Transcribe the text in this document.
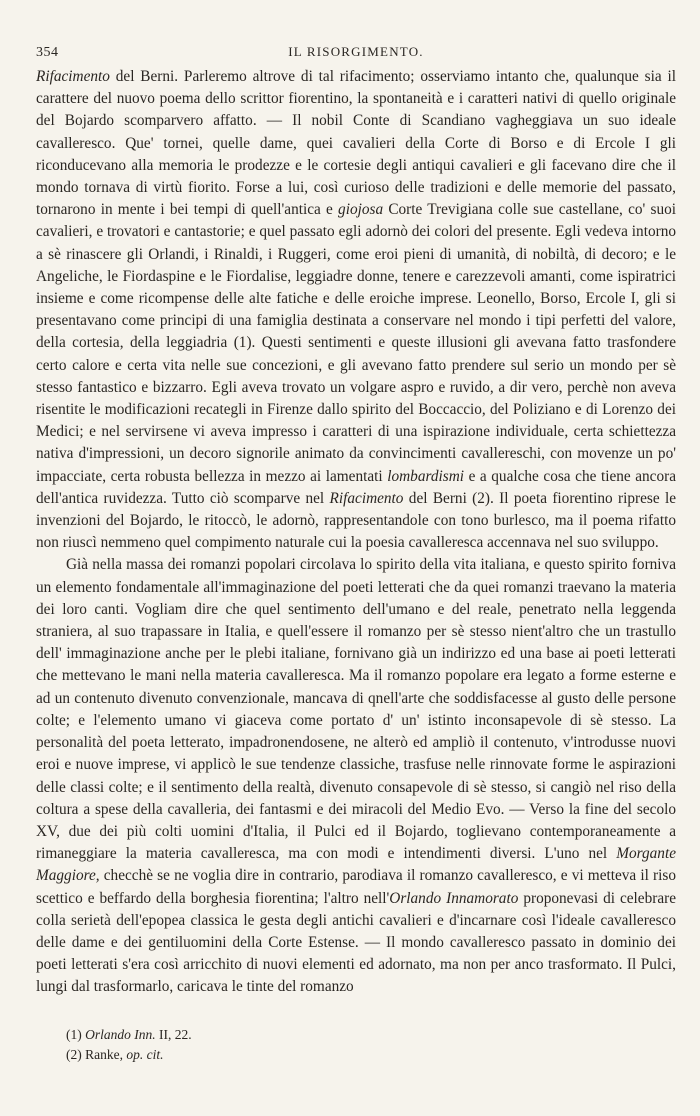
354	IL RISORGIMENTO.

Rifacimento del Berni. Parleremo altrove di tal rifacimento; osserviamo intanto che, qualunque sia il carattere del nuovo poema dello scrittor fiorentino, la spontaneità e i caratteri nativi di quello originale del Bojardo scomparvero affatto. — Il nobil Conte di Scandiano vagheggiava un suo ideale cavalleresco. Que' tornei, quelle dame, quei cavalieri della Corte di Borso e di Ercole I gli riconducevano alla memoria le prodezze e le cortesie degli antiqui cavalieri e gli facevano dire che il mondo tornava di virtù fiorito. Forse a lui, così curioso delle tradizioni e delle memorie del passato, tornarono in mente i bei tempi di quell'antica e giojosa Corte Trevigiana colle sue castellane, co' suoi cavalieri, e trovatori e cantastorie; e quel passato egli adornò dei colori del presente. Egli vedeva intorno a sè rinascere gli Orlandi, i Rinaldi, i Ruggeri, come eroi pieni di umanità, di nobiltà, di decoro; e le Angeliche, le Fiordaspine e le Fiordalise, leggiadre donne, tenere e carezzevoli amanti, come ispiratrici insieme e come ricompense delle alte fatiche e delle eroiche imprese. Leonello, Borso, Ercole I, gli si presentavano come principi di una famiglia destinata a conservare nel mondo i tipi perfetti del valore, della cortesia, della leggiadria (1). Questi sentimenti e queste illusioni gli avevana fatto trasfondere certo calore e certa vita nelle sue concezioni, e gli avevano fatto prendere sul serio un mondo per sè stesso fantastico e bizzarro. Egli aveva trovato un volgare aspro e ruvido, a dir vero, perchè non aveva risentite le modificazioni recategli in Firenze dallo spirito del Boccaccio, del Poliziano e di Lorenzo dei Medici; e nel servirsene vi aveva impresso i caratteri di una ispirazione individuale, certa schiettezza nativa d'impressioni, un decoro signorile animato da convincimenti cavallereschi, con movenze un po' impacciate, certa robusta bellezza in mezzo ai lamentati lombardismi e a qualche cosa che tiene ancora dell'antica ruvidezza. Tutto ciò scomparve nel Rifacimento del Berni (2). Il poeta fiorentino riprese le invenzioni del Bojardo, le ritoccò, le adornò, rappresentandole con tono burlesco, ma il poema rifatto non riuscì nemmeno quel compimento naturale cui la poesia cavalleresca accennava nel suo sviluppo.

Già nella massa dei romanzi popolari circolava lo spirito della vita italiana, e questo spirito forniva un elemento fondamentale all'immaginazione del poeti letterati che da quei romanzi traevano la materia dei loro canti. Vogliam dire che quel sentimento dell'umano e del reale, penetrato nella leggenda straniera, al suo trapassare in Italia, e quell'essere il romanzo per sè stesso nient'altro che un trastullo dell' immaginazione anche per le plebi italiane, fornivano già un indirizzo ed una base ai poeti letterati che mettevano le mani nella materia cavalleresca. Ma il romanzo popolare era legato a forme esterne e ad un contenuto divenuto convenzionale, mancava di qnell'arte che soddisfacesse al gusto delle persone colte; e l'elemento umano vi giaceva come portato d' un' istinto inconsapevole di sè stesso. La personalità del poeta letterato, impadronendosene, ne alterò ed ampliò il contenuto, v'introdusse nuovi eroi e nuove imprese, vi applicò le sue tendenze classiche, trasfuse nelle rinnovate forme le aspirazioni delle classi colte; e il sentimento della realtà, divenuto consapevole di sè stesso, si cangiò nel riso della coltura a spese della cavalleria, dei fantasmi e dei miracoli del Medio Evo. — Verso la fine del secolo XV, due dei più colti uomini d'Italia, il Pulci ed il Bojardo, toglievano contemporaneamente a rimaneggiare la materia cavalleresca, ma con modi e intendimenti diversi. L'uno nel Morgante Maggiore, checchè se ne voglia dire in contrario, parodiava il romanzo cavalleresco, e vi metteva il riso scettico e beffardo della borghesia fiorentina; l'altro nell'Orlando Innamorato proponevasi di celebrare colla serietà dell'epopea classica le gesta degli antichi cavalieri e d'incarnare così l'ideale cavalleresco delle dame e dei gentiluomini della Corte Estense. — Il mondo cavalleresco passato in dominio dei poeti letterati s'era così arricchito di nuovi elementi ed adornato, ma non per anco trasformato. Il Pulci, lungi dal trasformarlo, caricava le tinte del romanzo

(1) Orlando Inn. II, 22.
(2) Ranke, op. cit.
